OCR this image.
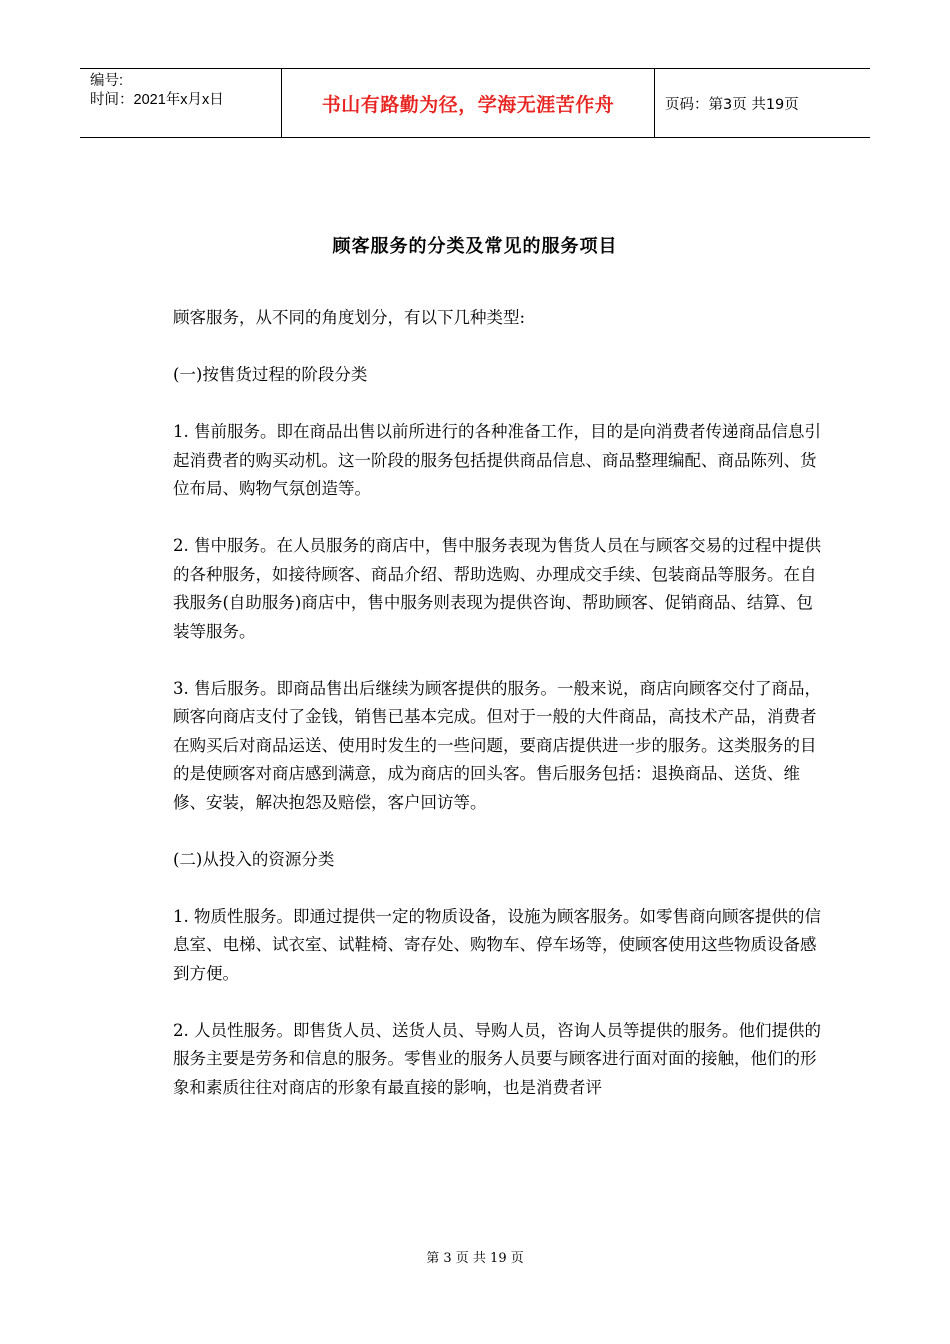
编号:
时间：2021年x月x日	书山有路勤为径，学海无涯苦作舟	页码：第3页 共19页
顾客服务的分类及常见的服务项目

顾客服务，从不同的角度划分，有以下几种类型:

(一)按售货过程的阶段分类

1. 售前服务。即在商品出售以前所进行的各种准备工作，目的是向消费者传递商品信息引起消费者的购买动机。这一阶段的服务包括提供商品信息、商品整理编配、商品陈列、货位布局、购物气氛创造等。

2. 售中服务。在人员服务的商店中，售中服务表现为售货人员在与顾客交易的过程中提供的各种服务，如接待顾客、商品介绍、帮助选购、办理成交手续、包装商品等服务。在自我服务(自助服务)商店中，售中服务则表现为提供咨询、帮助顾客、促销商品、结算、包装等服务。

3. 售后服务。即商品售出后继续为顾客提供的服务。一般来说，商店向顾客交付了商品，顾客向商店支付了金钱，销售已基本完成。但对于一般的大件商品，高技术产品，消费者在购买后对商品运送、使用时发生的一些问题，要商店提供进一步的服务。这类服务的目的是使顾客对商店感到满意，成为商店的回头客。售后服务包括：退换商品、送货、维修、安装，解决抱怨及赔偿，客户回访等。

(二)从投入的资源分类

1. 物质性服务。即通过提供一定的物质设备，设施为顾客服务。如零售商向顾客提供的信息室、电梯、试衣室、试鞋椅、寄存处、购物车、停车场等，使顾客使用这些物质设备感到方便。

2. 人员性服务。即售货人员、送货人员、导购人员，咨询人员等提供的服务。他们提供的服务主要是劳务和信息的服务。零售业的服务人员要与顾客进行面对面的接触，他们的形象和素质往往对商店的形象有最直接的影响，也是消费者评

第 3 页 共 19 页
